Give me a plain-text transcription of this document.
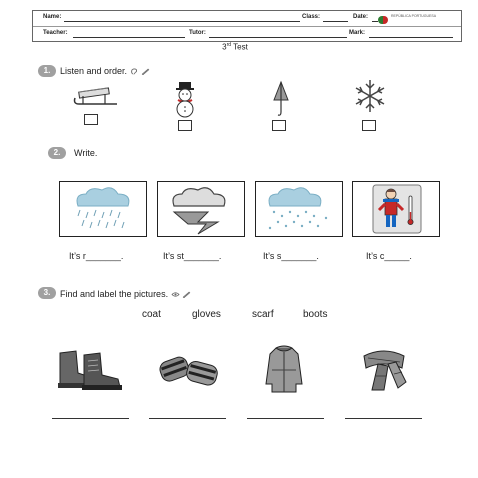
Name:	Class:	Date:	REPÚBLICA PORTUGUESA
Teacher:	Tutor:	Mark:
3rd Test
1.	Listen and order.
2.	Write.
It’s r_______.	It’s st_______.	It’s s_______.	It’s c_____.
3.	Find and label the pictures.
coat	gloves	scarf	boots
